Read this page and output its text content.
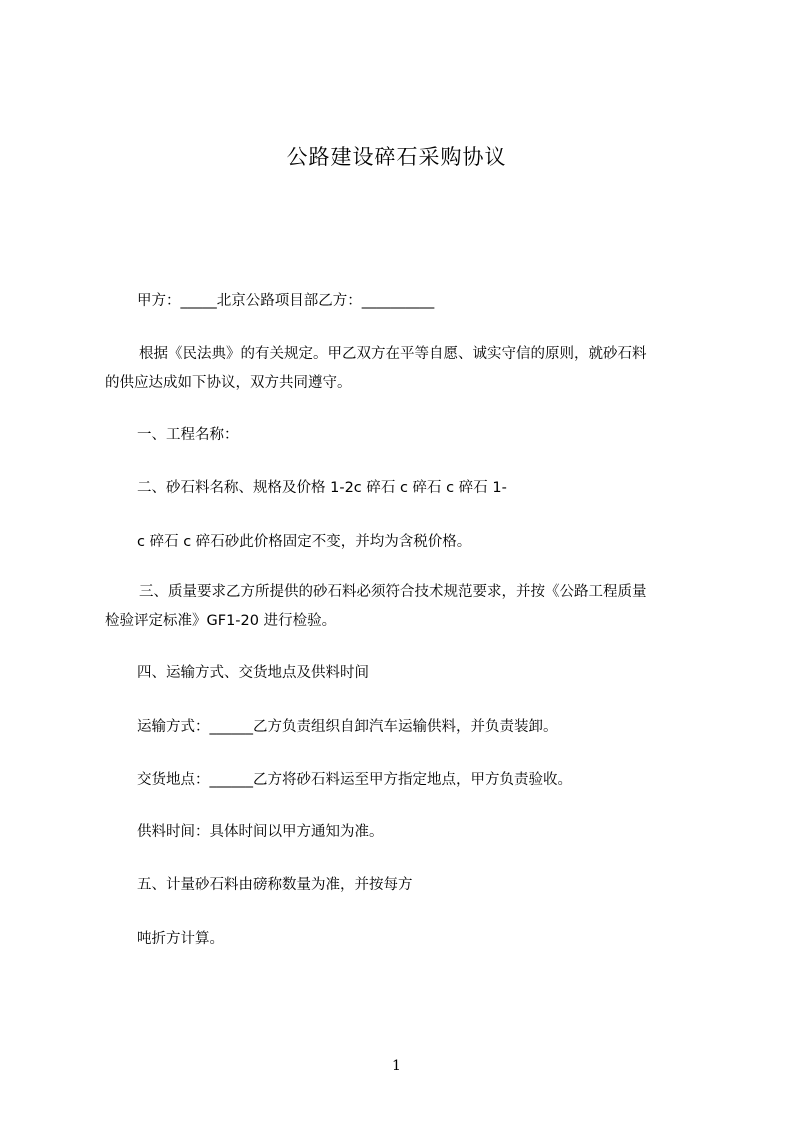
公路建设碎石采购协议
甲方：_____北京公路项目部乙方：__________
根据《民法典》的有关规定。甲乙双方在平等自愿、诚实守信的原则，就砂石料
的供应达成如下协议，双方共同遵守。
一、工程名称：
二、砂石料名称、规格及价格 1-2c 碎石 c 碎石 c 碎石 1-
c 碎石 c 碎石砂此价格固定不变，并均为含税价格。
三、质量要求乙方所提供的砂石料必须符合技术规范要求，并按《公路工程质量
检验评定标准》GF1-20 进行检验。
四、运输方式、交货地点及供料时间
运输方式：______乙方负责组织自卸汽车运输供料，并负责装卸。
交货地点：______乙方将砂石料运至甲方指定地点，甲方负责验收。
供料时间：具体时间以甲方通知为准。
五、计量砂石料由磅称数量为准，并按每方
吨折方计算。
1
